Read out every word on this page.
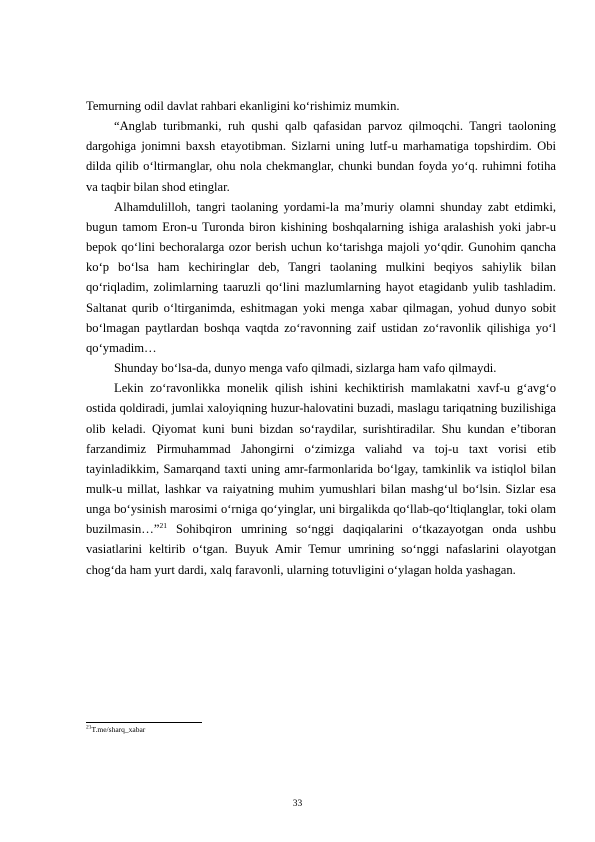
Temurning odil davlat rahbari ekanligini ko‘rishimiz mumkin.

“Anglab turibmanki, ruh qushi qalb qafasidan parvoz qilmoqchi. Tangri taoloning dargohiga jonimni baxsh etayotibman. Sizlarni uning lutf-u marhamatiga topshirdim. Obi dilda qilib o‘ltirmanglar, ohu nola chekmanglar, chunki bundan foyda yo‘q. ruhimni fotiha va taqbir bilan shod etinglar.

Alhamdulilloh, tangri taolaning yordami-la ma’muriy olamni shunday zabt etdimki, bugun tamom Eron-u Turonda biron kishining boshqalarning ishiga aralashish yoki jabr-u bepok qo‘lini bechoralarga ozor berish uchun ko‘tarishga majoli yo‘qdir. Gunohim qancha ko‘p bo‘lsa ham kechiringlar deb, Tangri taolaning mulkini beqiyos sahiylik bilan qo‘riqladim, zolimlarning taaruzli qo‘lini mazlumlarning hayot etagidanb yulib tashladim. Saltanat qurib o‘ltirganimda, eshitmagan yoki menga xabar qilmagan, yohud dunyo sobit bo‘lmagan paytlardan boshqa vaqtda zo‘ravonning zaif ustidan zo‘ravonlik qilishiga yo‘l qo‘ymadim…

Shunday bo‘lsa-da, dunyo menga vafo qilmadi, sizlarga ham vafo qilmaydi.

Lekin zo‘ravonlikka monelik qilish ishini kechiktirish mamlakatni xavf-u g‘avg‘o ostida qoldiradi, jumlai xaloyiqning huzur-halovatini buzadi, maslagu tariqatning buzilishiga olib keladi. Qiyomat kuni buni bizdan so‘raydilar, surishtiradilar. Shu kundan e’tiboran farzandimiz Pirmuhammad Jahongirni o‘zimizga valiahd va toj-u taxt vorisi etib tayinladikkim, Samarqand taxti uning amr-farmonlarida bo‘lgay, tamkinlik va istiqlol bilan mulk-u millat, lashkar va raiyatning muhim yumushlari bilan mashg‘ul bo‘lsin. Sizlar esa unga bo‘ysinish marosimi o‘rniga qo‘yinglar, uni birgalikda qo‘llab-qo‘ltiqlanglar, toki olam buzilmasin…”$^{21}$ Sohibqiron umrining so‘nggi daqiqalarini o‘tkazayotgan onda ushbu vasiatlarini keltirib o‘tgan. Buyuk Amir Temur umrining so‘nggi nafaslarini olayotgan chog‘da ham yurt dardi, xalq faravonli, ularning totuvligini o‘ylagan holda yashagan.

$^{21}$T.me/sharq_xabar
33
